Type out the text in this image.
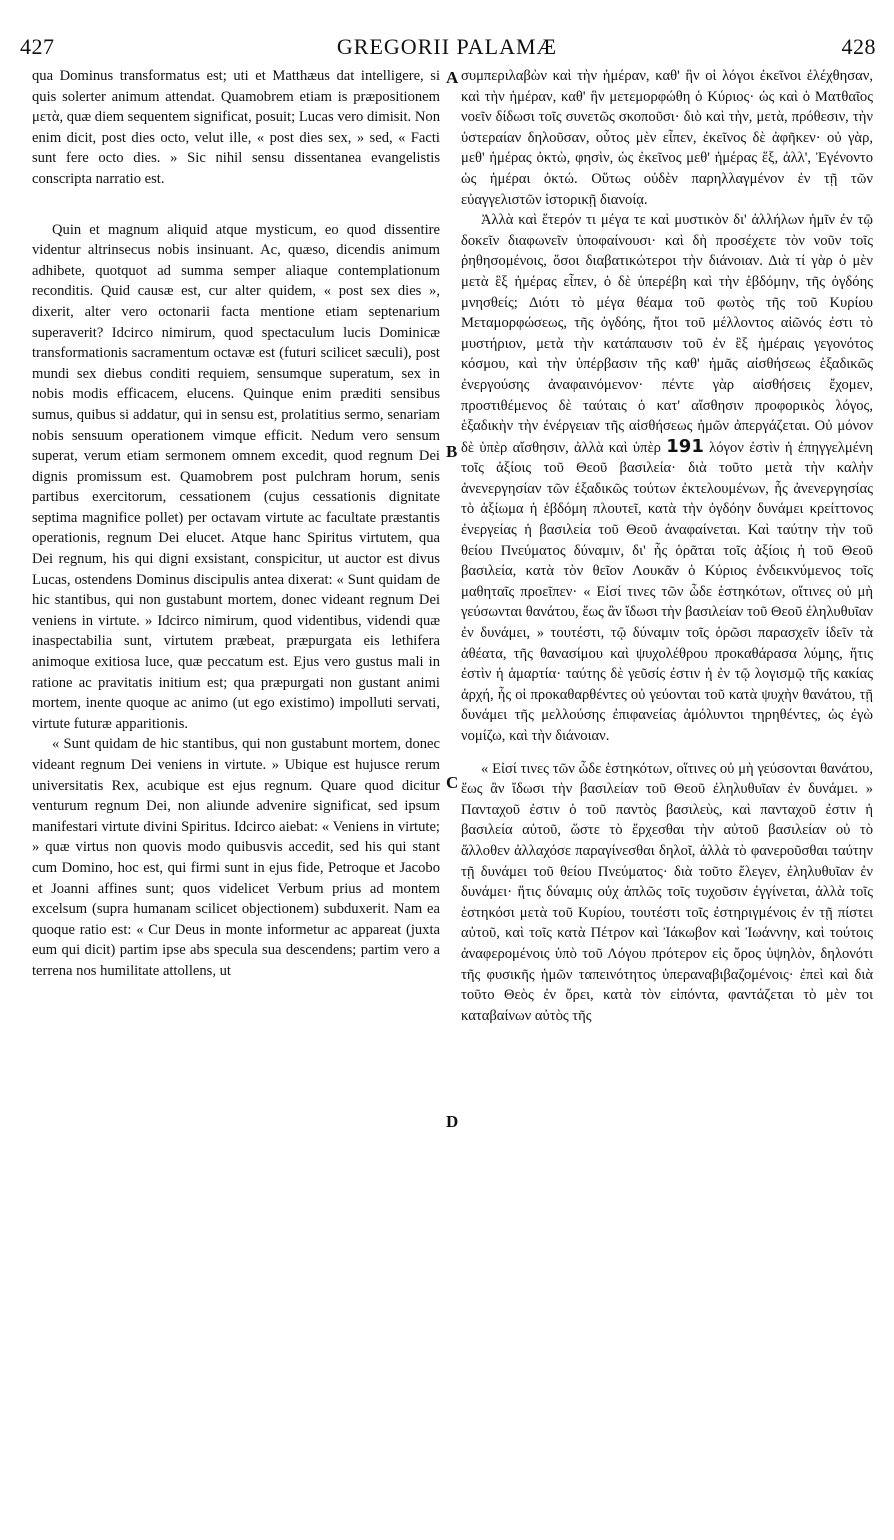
427	GREGORII PALAMÆ	428
A
B
C
D

qua Dominus transformatus est; uti et Matthæus dat intelligere, si quis solerter animum attendat. Quamobrem etiam is præpositionem μετὰ, quæ diem sequentem significat, posuit; Lucas vero dimisit. Non enim dicit, post dies octo, velut ille, « post dies sex, » sed, « Facti sunt fere octo dies. » Sic nihil sensu dissentanea evangelistis conscripta narratio est.

Quin et magnum aliquid atque mysticum, eo quod dissentire videntur altrinsecus nobis insinuant. Ac, quæso, dicendis animum adhibete, quotquot ad summa semper aliaque contemplationum reconditis. Quid causæ est, cur alter quidem, « post sex dies », dixerit, alter vero octonarii facta mentione etiam septenarium superaverit? Idcirco nimirum, quod spectaculum lucis Dominicæ transformationis sacramentum octavæ est (futuri scilicet sæculi), post mundi sex diebus conditi requiem, sensumque superatum, sex in nobis modis efficacem, elucens. Quinque enim præditi sensibus sumus, quibus si addatur, qui in sensu est, prolatitius sermo, senariam nobis sensuum operationem vimque efficit. Nedum vero sensum superat, verum etiam sermonem omnem excedit, quod regnum Dei dignis promissum est. Quamobrem post pulchram horum, senis partibus exercitorum, cessationem (cujus cessationis dignitate septima magnifice pollet) per octavam virtute ac facultate præstantis operationis, regnum Dei elucet. Atque hanc Spiritus virtutem, qua Dei regnum, his qui digni exsistant, conspicitur, ut auctor est divus Lucas, ostendens Dominus discipulis antea dixerat: « Sunt quidam de hic stantibus, qui non gustabunt mortem, donec videant regnum Dei veniens in virtute. » Idcirco nimirum, quod videntibus, videndi quæ inaspectabilia sunt, virtutem præbeat, præpurgata eis lethifera animoque exitiosa luce, quæ peccatum est. Ejus vero gustus mali in ratione ac pravitatis initium est; qua præpurgati non gustant animi mortem, inente quoque ac animo (ut ego existimo) impolluti servati, virtute futuræ apparitionis.

« Sunt quidam de hic stantibus, qui non gustabunt mortem, donec videant regnum Dei veniens in virtute. » Ubique est hujusce rerum universitatis Rex, acubique est ejus regnum. Quare quod dicitur venturum regnum Dei, non aliunde advenire significat, sed ipsum manifestari virtute divini Spiritus. Idcirco aiebat: « Veniens in virtute; » quæ virtus non quovis modo quibusvis accedit, sed his qui stant cum Domino, hoc est, qui firmi sunt in ejus fide, Petroque et Jacobo et Joanni affines sunt; quos videlicet Verbum prius ad montem excelsum (supra humanam scilicet objectionem) subduxerit. Nam ea quoque ratio est: « Cur Deus in monte informetur ac appareat (juxta eum qui dicit) partim ipse abs specula sua descendens; partim vero a terrena nos humilitate attollens, ut

συμπεριλαβὼν καὶ τὴν ἡμέραν, καθ' ἣν οἱ λόγοι ἐκεῖνοι ἐλέχθησαν, καὶ τὴν ἡμέραν, καθ' ἣν μετεμορφώθη ὁ Κύριος· ὡς καὶ ὁ Ματθαῖος νοεῖν δίδωσι τοῖς συνετῶς σκοποῦσι· διὸ καὶ τὴν, μετὰ, πρόθεσιν, τὴν ὑστεραίαν δηλοῦσαν, οὗτος μὲν εἶπεν, ἐκεῖνος δὲ ἀφῆκεν· οὐ γὰρ, μεθ' ἡμέρας ὀκτὼ, φησὶν, ὡς ἐκεῖνος μεθ' ἡμέρας ἕξ, ἀλλ', Ἐγένοντο ὡς ἡμέραι ὀκτώ. Οὕτως οὐδὲν παρηλλαγμένον ἐν τῇ τῶν εὐαγγελιστῶν ἱστορικῇ διανοίᾳ.

Ἀλλὰ καὶ ἕτερόν τι μέγα τε καὶ μυστικὸν δι' ἀλλήλων ἡμῖν ἐν τῷ δοκεῖν διαφωνεῖν ὑποφαίνουσι· καὶ δὴ προσέχετε τὸν νοῦν τοῖς ῥηθησομένοις, ὅσοι διαβατικώτεροι τὴν διάνοιαν. Διὰ τί γὰρ ὁ μὲν μετὰ ἓξ ἡμέρας εἶπεν, ὁ δὲ ὑπερέβη καὶ τὴν ἑβδόμην, τῆς ὀγδόης μνησθείς; Διότι τὸ μέγα θέαμα τοῦ φωτὸς τῆς τοῦ Κυρίου Μεταμορφώσεως, τῆς ὀγδόης, ἤτοι τοῦ μέλλοντος αἰῶνός ἐστι τὸ μυστήριον, μετὰ τὴν κατάπαυσιν τοῦ ἐν ἓξ ἡμέραις γεγονότος κόσμου, καὶ τὴν ὑπέρβασιν τῆς καθ' ἡμᾶς αἰσθήσεως ἑξαδικῶς ἐνεργούσης ἀναφαινόμενον· πέντε γὰρ αἰσθήσεις ἔχομεν, προστιθέμενος δὲ ταύταις ὁ κατ' αἴσθησιν προφορικὸς λόγος, ἑξαδικὴν τὴν ἐνέργειαν τῆς αἰσθήσεως ἡμῶν ἀπεργάζεται. Οὐ μόνον δὲ ὑπὲρ αἴσθησιν, ἀλλὰ καὶ ὑπὲρ 191 λόγον ἐστὶν ἡ ἐπηγγελμένη τοῖς ἀξίοις τοῦ Θεοῦ βασιλεία· διὰ τοῦτο μετὰ τὴν καλὴν ἀνενεργησίαν τῶν ἑξαδικῶς τούτων ἐκτελουμένων, ἧς ἀνενεργησίας τὸ ἀξίωμα ἡ ἑβδόμη πλουτεῖ, κατὰ τὴν ὀγδόην δυνάμει κρείττονος ἐνεργείας ἡ βασιλεία τοῦ Θεοῦ ἀναφαίνεται. Καὶ ταύτην τὴν τοῦ θείου Πνεύματος δύναμιν, δι' ἧς ὁρᾶται τοῖς ἀξίοις ἡ τοῦ Θεοῦ βασιλεία, κατὰ τὸν θεῖον Λουκᾶν ὁ Κύριος ἐνδεικνύμενος τοῖς μαθηταῖς προεῖπεν· « Εἰσί τινες τῶν ὧδε ἑστηκότων, οἵτινες οὐ μὴ γεύσωνται θανάτου, ἕως ἂν ἴδωσι τὴν βασιλείαν τοῦ Θεοῦ ἐληλυθυῖαν ἐν δυνάμει, » τουτέστι, τῷ δύναμιν τοῖς ὁρῶσι παρασχεῖν ἰδεῖν τὰ ἀθέατα, τῆς θανασίμου καὶ ψυχολέθρου προκαθάρασα λύμης, ἥτις ἐστὶν ἡ ἁμαρτία· ταύτης δὲ γεῦσίς ἐστιν ἡ ἐν τῷ λογισμῷ τῆς κακίας ἀρχή, ἧς οἱ προκαθαρθέντες οὐ γεύονται τοῦ κατὰ ψυχὴν θανάτου, τῇ δυνάμει τῆς μελλούσης ἐπιφανείας ἀμόλυντοι τηρηθέντες, ὡς ἐγὼ νομίζω, καὶ τὴν διάνοιαν.

« Εἰσί τινες τῶν ὧδε ἑστηκότων, οἵτινες οὐ μὴ γεύσονται θανάτου, ἕως ἂν ἴδωσι τὴν βασιλείαν τοῦ Θεοῦ ἐληλυθυῖαν ἐν δυνάμει. » Πανταχοῦ ἐστιν ὁ τοῦ παντὸς βασιλεὺς, καὶ πανταχοῦ ἐστιν ἡ βασιλεία αὐτοῦ, ὥστε τὸ ἔρχεσθαι τὴν αὐτοῦ βασιλείαν οὐ τὸ ἄλλοθεν ἀλλαχόσε παραγίνεσθαι δηλοῖ, ἀλλὰ τὸ φανεροῦσθαι ταύτην τῇ δυνάμει τοῦ θείου Πνεύματος· διὰ τοῦτο ἔλεγεν, ἐληλυθυῖαν ἐν δυνάμει· ἥτις δύναμις οὐχ ἁπλῶς τοῖς τυχοῦσιν ἐγγίνεται, ἀλλὰ τοῖς ἑστηκόσι μετὰ τοῦ Κυρίου, τουτέστι τοῖς ἐστηριγμένοις ἐν τῇ πίστει αὐτοῦ, καὶ τοῖς κατὰ Πέτρον καὶ Ἰάκωβον καὶ Ἰωάννην, καὶ τούτοις ἀναφερομένοις ὑπὸ τοῦ Λόγου πρότερον εἰς ὄρος ὑψηλὸν, δηλονότι τῆς φυσικῆς ἡμῶν ταπεινότητος ὑπεραναβιβαζομένοις· ἐπεὶ καὶ διὰ τοῦτο Θεὸς ἐν ὄρει, κατὰ τὸν εἰπόντα, φαντάζεται τὸ μὲν τοι καταβαίνων αὐτὸς τῆς
